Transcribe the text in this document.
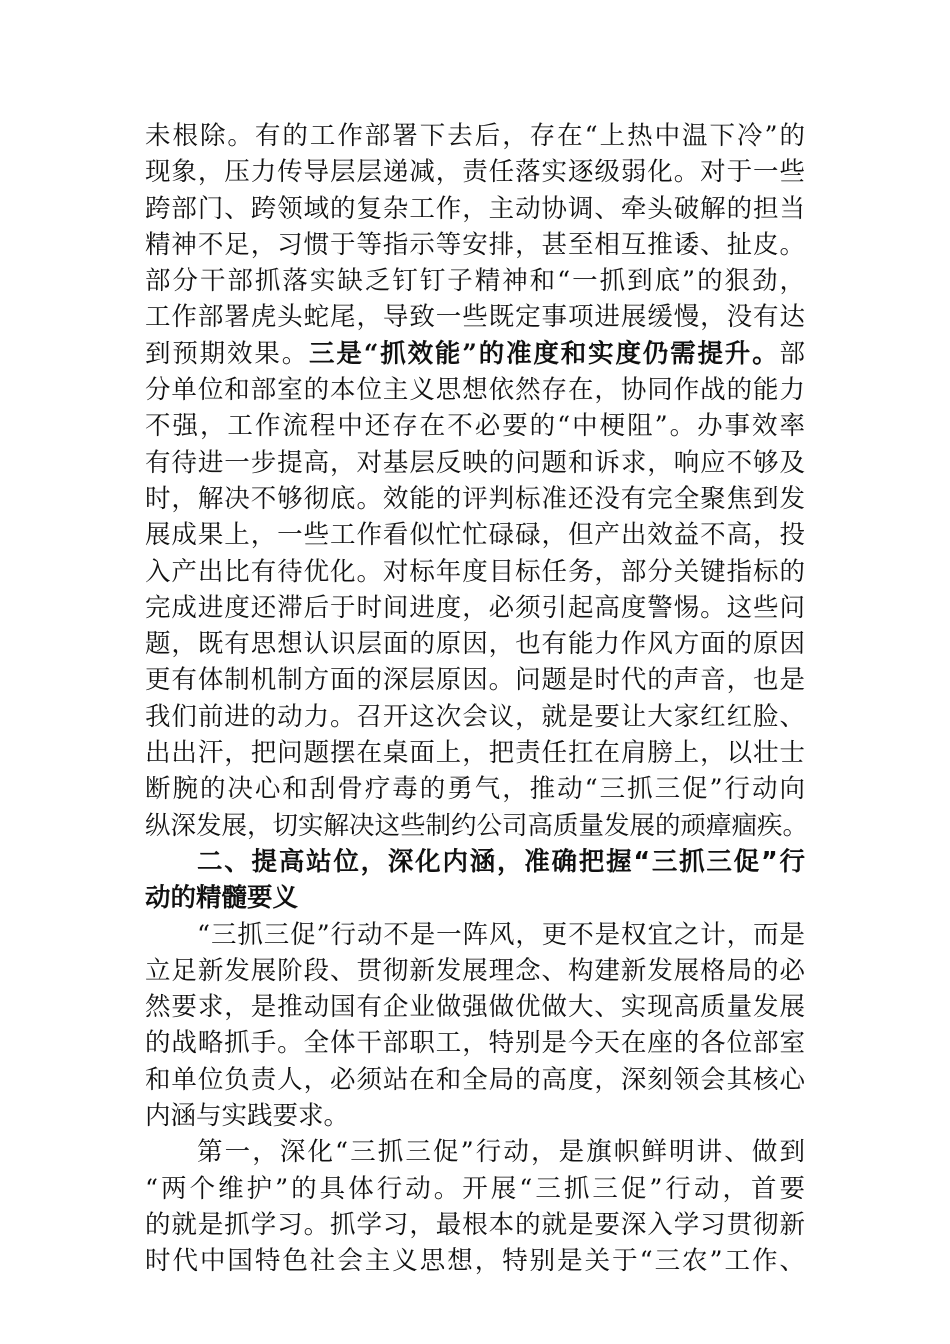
未根除。有的工作部署下去后，存在“上热中温下冷”的
现象，压力传导层层递减，责任落实逐级弱化。对于一些
跨部门、跨领域的复杂工作，主动协调、牵头破解的担当
精神不足，习惯于等指示等安排，甚至相互推诿、扯皮。
部分干部抓落实缺乏钉钉子精神和“一抓到底”的狠劲，
工作部署虎头蛇尾，导致一些既定事项进展缓慢，没有达
到预期效果。三是“抓效能”的准度和实度仍需提升。部
分单位和部室的本位主义思想依然存在，协同作战的能力
不强，工作流程中还存在不必要的“中梗阻”。办事效率
有待进一步提高，对基层反映的问题和诉求，响应不够及
时，解决不够彻底。效能的评判标准还没有完全聚焦到发
展成果上，一些工作看似忙忙碌碌，但产出效益不高，投
入产出比有待优化。对标年度目标任务，部分关键指标的
完成进度还滞后于时间进度，必须引起高度警惕。这些问
题，既有思想认识层面的原因，也有能力作风方面的原因
更有体制机制方面的深层原因。问题是时代的声音，也是
我们前进的动力。召开这次会议，就是要让大家红红脸、
出出汗，把问题摆在桌面上，把责任扛在肩膀上，以壮士
断腕的决心和刮骨疗毒的勇气，推动“三抓三促”行动向
纵深发展，切实解决这些制约公司高质量发展的顽瘴痼疾。
二、提高站位，深化内涵，准确把握“三抓三促”行
动的精髓要义
“三抓三促”行动不是一阵风，更不是权宜之计，而是
立足新发展阶段、贯彻新发展理念、构建新发展格局的必
然要求，是推动国有企业做强做优做大、实现高质量发展
的战略抓手。全体干部职工，特别是今天在座的各位部室
和单位负责人，必须站在和全局的高度，深刻领会其核心
内涵与实践要求。
第一，深化“三抓三促”行动，是旗帜鲜明讲、做到
“两个维护”的具体行动。开展“三抓三促”行动，首要
的就是抓学习。抓学习，最根本的就是要深入学习贯彻新
时代中国特色社会主义思想，特别是关于“三农”工作、
